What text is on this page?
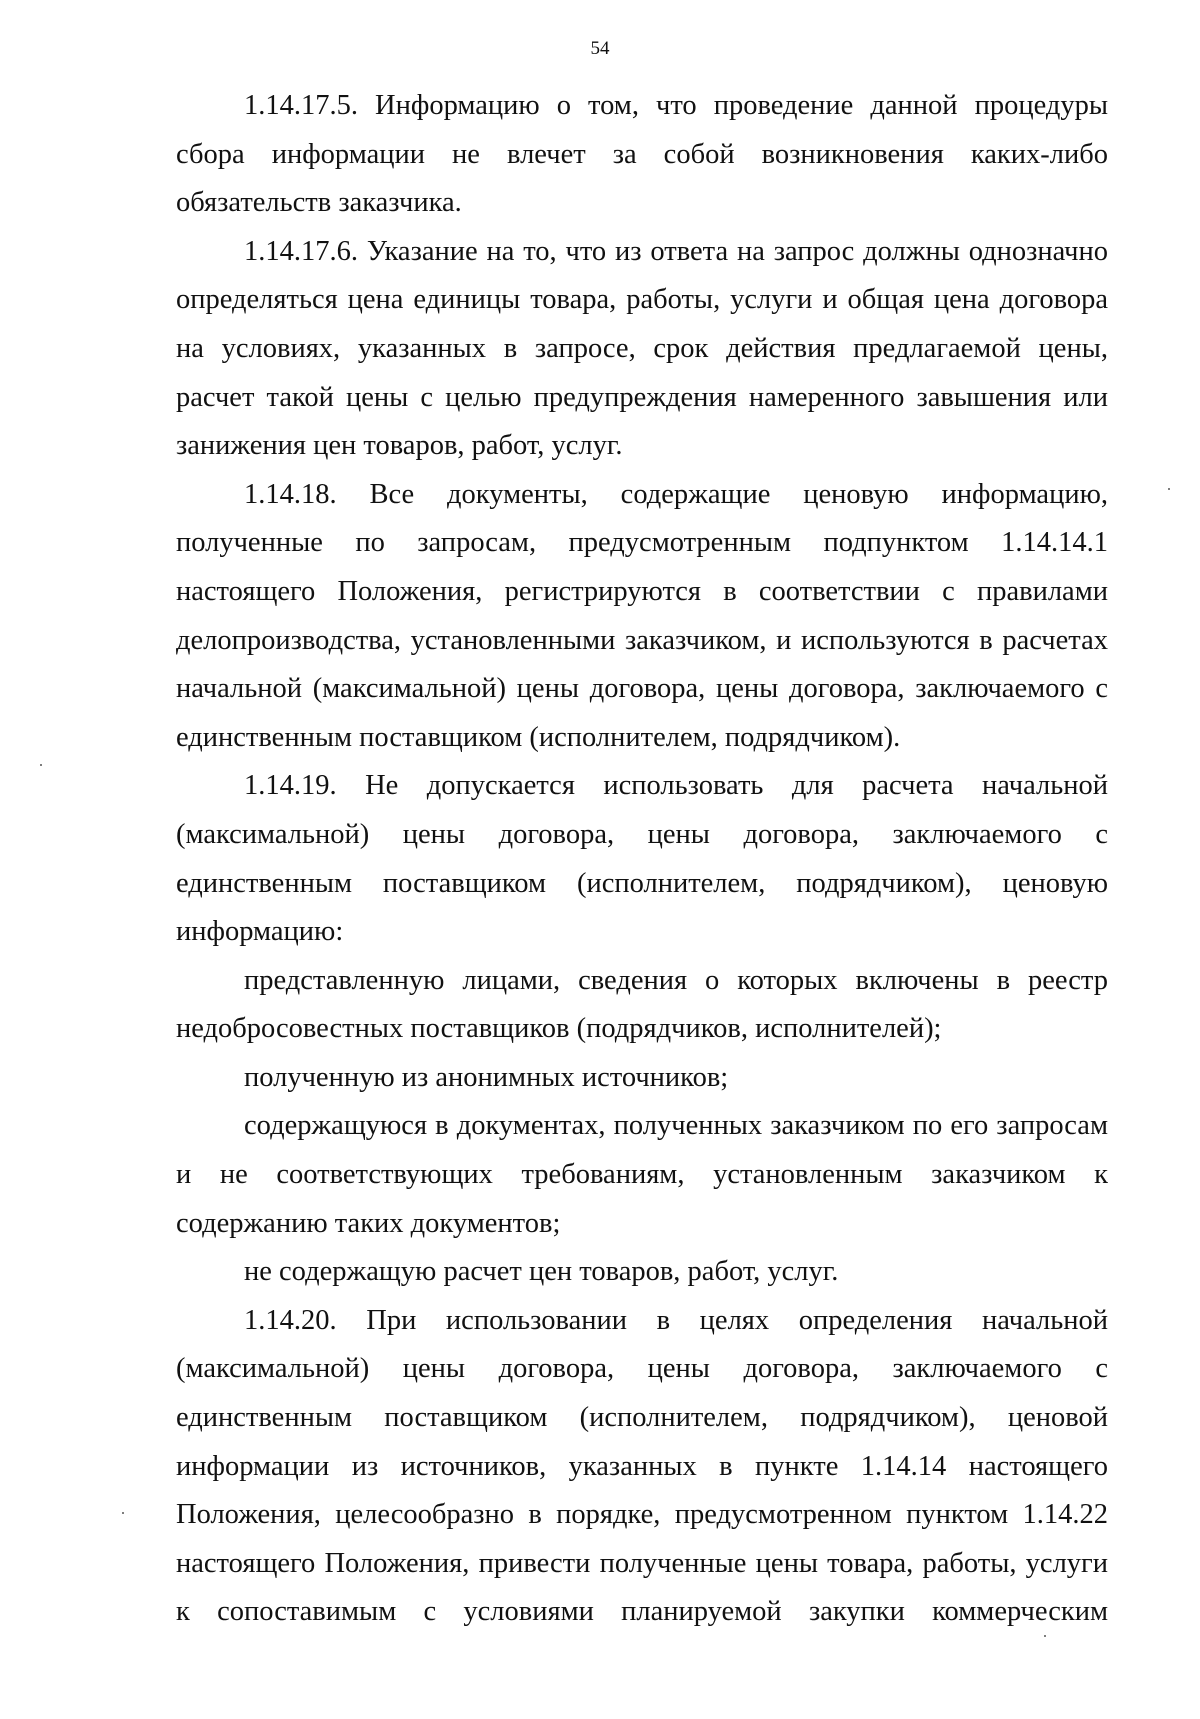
54

1.14.17.5. Информацию о том, что проведение данной процедуры сбора информации не влечет за собой возникновения каких-либо обязательств заказчика.

1.14.17.6. Указание на то, что из ответа на запрос должны однозначно определяться цена единицы товара, работы, услуги и общая цена договора на условиях, указанных в запросе, срок действия предлагаемой цены, расчет такой цены с целью предупреждения намеренного завышения или занижения цен товаров, работ, услуг.

1.14.18. Все документы, содержащие ценовую информацию, полученные по запросам, предусмотренным подпунктом 1.14.14.1 настоящего Положения, регистрируются в соответствии с правилами делопроизводства, установленными заказчиком, и используются в расчетах начальной (максимальной) цены договора, цены договора, заключаемого с единственным поставщиком (исполнителем, подрядчиком).

1.14.19. Не допускается использовать для расчета начальной (максимальной) цены договора, цены договора, заключаемого с единственным поставщиком (исполнителем, подрядчиком), ценовую информацию:

представленную лицами, сведения о которых включены в реестр недобросовестных поставщиков (подрядчиков, исполнителей);

полученную из анонимных источников;

содержащуюся в документах, полученных заказчиком по его запросам и не соответствующих требованиям, установленным заказчиком к содержанию таких документов;

не содержащую расчет цен товаров, работ, услуг.

1.14.20. При использовании в целях определения начальной (максимальной) цены договора, цены договора, заключаемого с единственным поставщиком (исполнителем, подрядчиком), ценовой информации из источников, указанных в пункте 1.14.14 настоящего Положения, целесообразно в порядке, предусмотренном пунктом 1.14.22 настоящего Положения, привести полученные цены товара, работы, услуги к сопоставимым с условиями планируемой закупки коммерческим
